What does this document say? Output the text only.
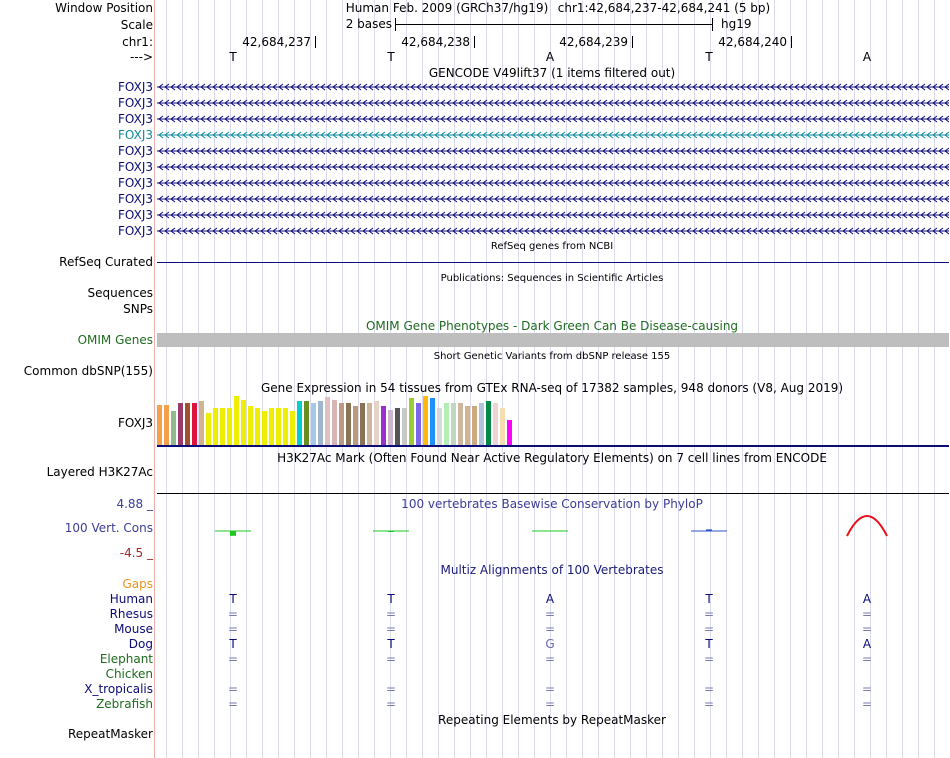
Window Position	Human Feb. 2009 (GRCh37/hg19) chr1:42,684,237-42,684,241 (5 bp)
Scale	2 bases	hg19
chr1:	42,684,237	42,684,238	42,684,239	42,684,240
--->	T	T	A	T	A
GENCODE V49lift37 (1 items filtered out)
FOXJ3
FOXJ3
FOXJ3
FOXJ3
FOXJ3
FOXJ3
FOXJ3
FOXJ3
FOXJ3
FOXJ3
RefSeq genes from NCBI
RefSeq Curated
Publications: Sequences in Scientific Articles
Sequences
SNPs
OMIM Gene Phenotypes - Dark Green Can Be Disease-causing
OMIM Genes
Short Genetic Variants from dbSNP release 155
Common dbSNP(155)
Gene Expression in 54 tissues from GTEx RNA-seq of 17382 samples, 948 donors (V8, Aug 2019)
FOXJ3
H3K27Ac Mark (Often Found Near Active Regulatory Elements) on 7 cell lines from ENCODE
Layered H3K27Ac
100 vertebrates Basewise Conservation by PhyloP
4.88 _
100 Vert. Cons
-4.5 _
Multiz Alignments of 100 Vertebrates
Gaps
Human	T	T	A	T	A
Rhesus	=	=	=	=	=
Mouse	=	=	=	=	=
Dog	T	T	G	T	A
Elephant	=	=	=	=	=
Chicken
X_tropicalis	=	=	=	=	=
Zebrafish	=	=	=	=	=
Repeating Elements by RepeatMasker
RepeatMasker
